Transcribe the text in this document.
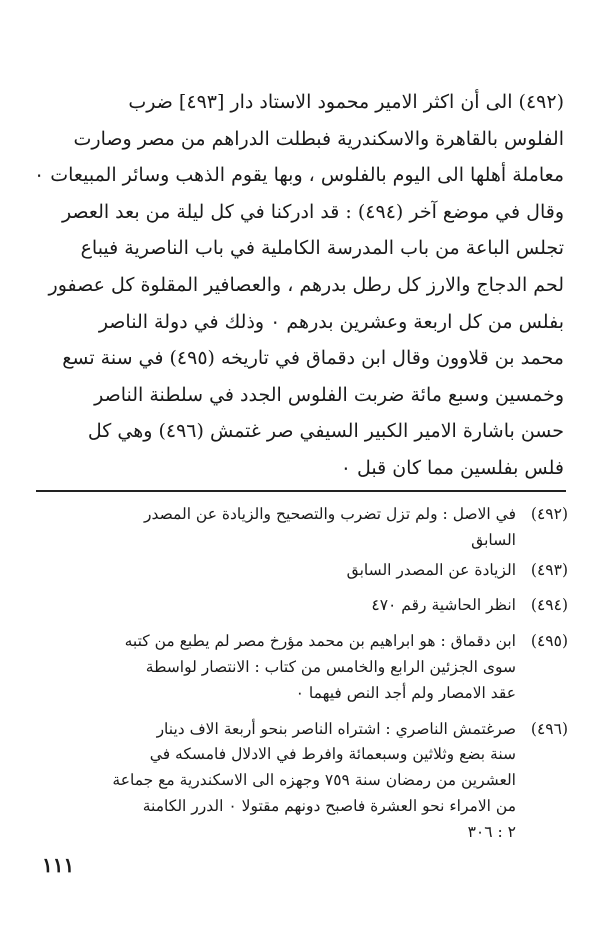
(٤٩٢) الى أن اكثر الامير محمود الاستاد دار [٤٩٣] ضرب
الفلوس بالقاهرة والاسكندرية فبطلت الدراهم من مصر وصارت
معاملة أهلها الى اليوم بالفلوس ، وبها يقوم الذهب وسائر المبيعات ٠
وقال في موضع آخر (٤٩٤) : قد ادركنا في كل ليلة من بعد العصر
تجلس الباعة من باب المدرسة الكاملية في باب الناصرية فيباع
لحم الدجاج والارز كل رطل بدرهم ، والعصافير المقلوة كل عصفور
بفلس من كل اربعة وعشرين بدرهم ٠ وذلك في دولة الناصر
محمد بن قلاوون وقال ابن دقماق في تاريخه (٤٩٥) في سنة تسع
وخمسين وسبع مائة ضربت الفلوس الجدد في سلطنة الناصر
حسن باشارة الامير الكبير السيفي صر غتمش (٤٩٦) وهي كل
فلس بفلسين مما كان قبل ٠
(٤٩٢)
في الاصل : ولم تزل تضرب والتصحيح والزيادة عن المصدر
السابق
(٤٩٣)
الزيادة عن المصدر السابق
(٤٩٤)
انظر الحاشية رقم ٤٧٠
(٤٩٥)
ابن دقماق : هو ابراهيم بن محمد مؤرخ مصر لم يطبع من كتبه
سوى الجزئين الرابع والخامس من كتاب : الانتصار لواسطة
عقد الامصار ولم أجد النص فيهما ٠
(٤٩٦)
صرغتمش الناصري : اشتراه الناصر بنحو أربعة الاف دينار
سنة بضع وثلاثين وسبعمائة وافرط في الادلال فامسكه في
العشرين من رمضان سنة ٧٥٩ وجهزه الى الاسكندرية مع جماعة
من الامراء نحو العشرة فاصبح دونهم مقتولا ٠ الدرر الكامنة
٢ : ٣٠٦
١١١
